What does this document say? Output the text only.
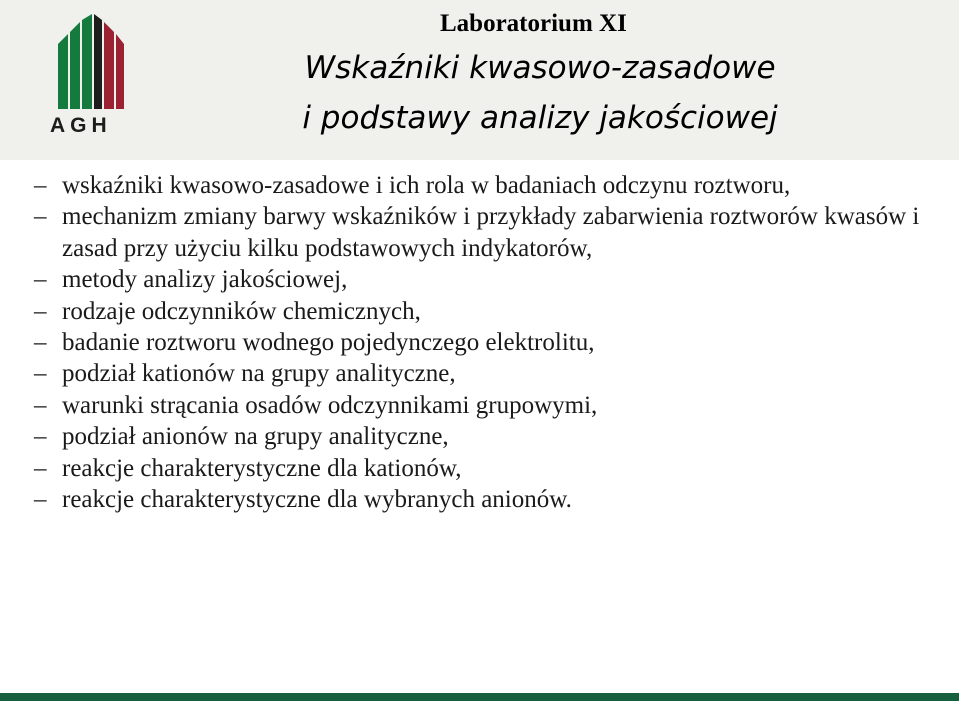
AGH
Laboratorium XI
Wskaźniki kwasowo-zasadowe
i podstawy analizy jakościowej
– wskaźniki kwasowo-zasadowe i ich rola w badaniach odczynu roztworu,
– mechanizm zmiany barwy wskaźników i przykłady zabarwienia roztworów kwasów i zasad przy użyciu kilku podstawowych indykatorów,
– metody analizy jakościowej,
– rodzaje odczynników chemicznych,
– badanie roztworu wodnego pojedynczego elektrolitu,
– podział kationów na grupy analityczne,
– warunki strącania osadów odczynnikami grupowymi,
– podział anionów na grupy analityczne,
– reakcje charakterystyczne dla kationów,
– reakcje charakterystyczne dla wybranych anionów.
